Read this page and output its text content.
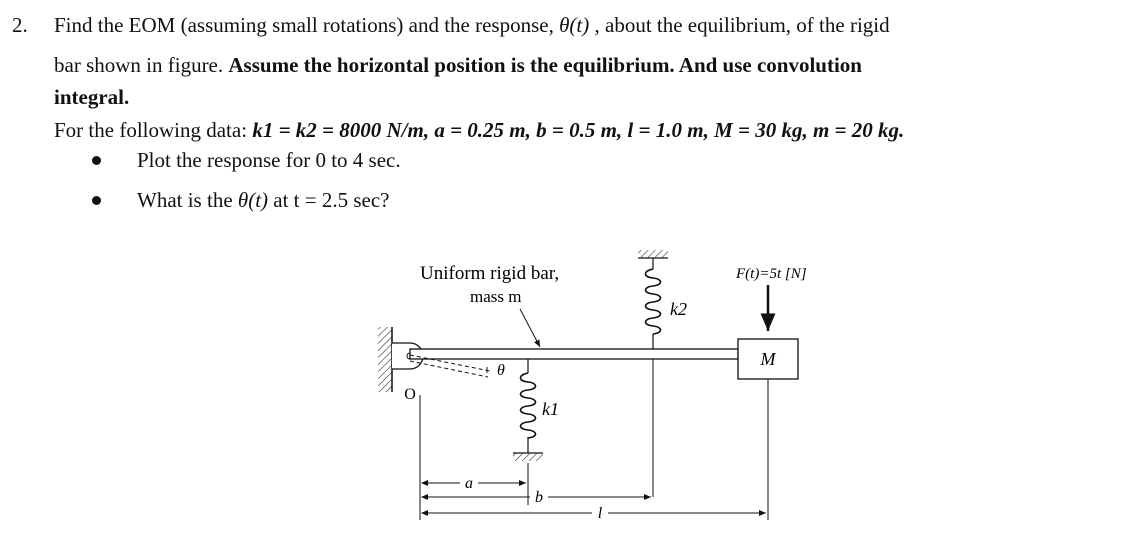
2. Find the EOM (assuming small rotations) and the response, θ(t) , about the equilibrium, of the rigid
bar shown in figure. Assume the horizontal position is the equilibrium. And use convolution
integral.
For the following data: k1 = k2 = 8000 N/m, a = 0.25 m, b = 0.5 m, l = 1.0 m, M = 30 kg, m = 20 kg.
Plot the response for 0 to 4 sec.
What is the θ(t) at t = 2.5 sec?
O
θ
M
F(t)=5t [N]
k2
k1
Uniform rigid bar,
mass m
a
b
l
